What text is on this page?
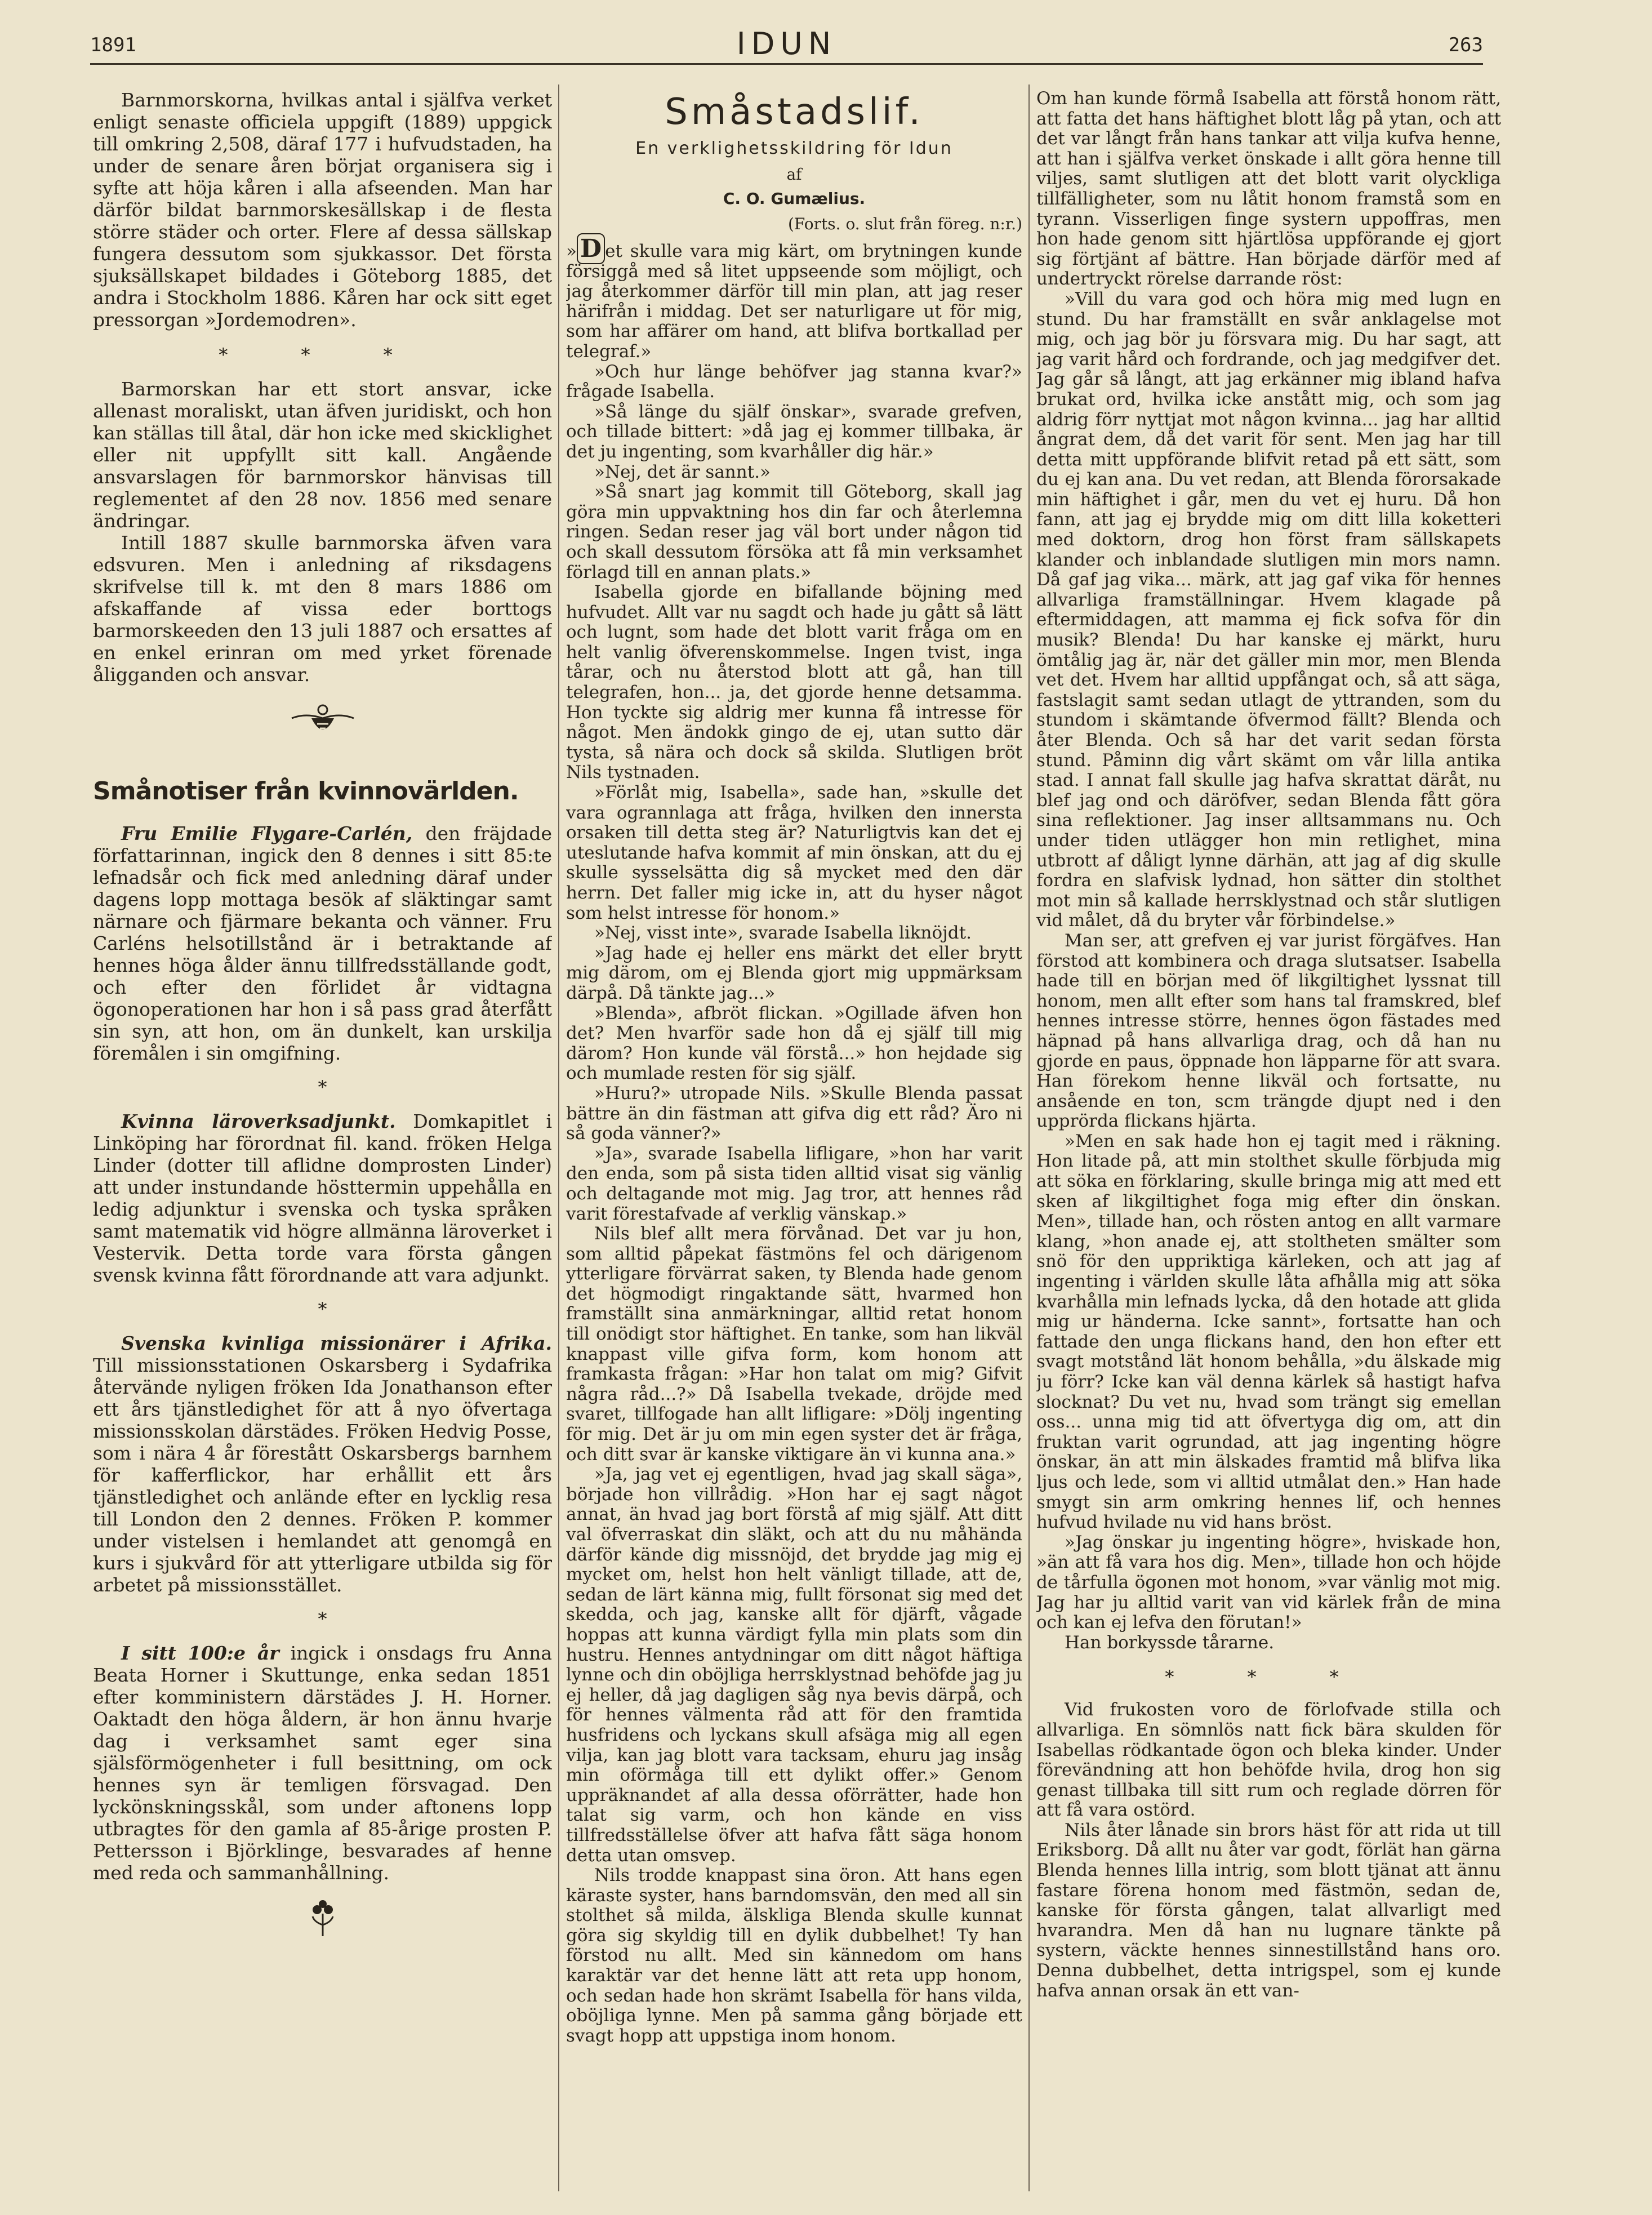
1891	IDUN	263

Barnmorskorna, hvilkas antal i själfva verket enligt senaste officiela uppgift (1889) uppgick till omkring 2,508, däraf 177 i hufvudstaden, ha under de senare åren börjat organisera sig i syfte att höja kåren i alla afseenden. Man har därför bildat barnmorskesällskap i de flesta större städer och orter. Flere af dessa sällskap fungera dessutom som sjukkassor. Det första sjuksällskapet bildades i Göteborg 1885, det andra i Stockholm 1886. Kåren har ock sitt eget pressorgan »Jordemodren».

* * *

Barmorskan har ett stort ansvar, icke allenast moraliskt, utan äfven juridiskt, och hon kan ställas till åtal, där hon icke med skicklighet eller nit uppfyllt sitt kall. Angående ansvarslagen för barnmorskor hänvisas till reglementet af den 28 nov. 1856 med senare ändringar.

Intill 1887 skulle barnmorska äfven vara edsvuren. Men i anledning af riksdagens skrifvelse till k. mt den 8 mars 1886 om afskaffande af vissa eder borttogs barmorskeeden den 13 juli 1887 och ersattes af en enkel erinran om med yrket förenade åligganden och ansvar.

Smånotiser från kvinnovärlden.

Fru Emilie Flygare-Carlén, den fräjdade författarinnan, ingick den 8 dennes i sitt 85:te lefnadsår och fick med anledning däraf under dagens lopp mottaga besök af släktingar samt närnare och fjärmare bekanta och vänner. Fru Carléns helsotillstånd är i betraktande af hennes höga ålder ännu tillfredsställande godt, och efter den förlidet år vidtagna ögonoperationen har hon i så pass grad återfått sin syn, att hon, om än dunkelt, kan urskilja föremålen i sin omgifning.

*

Kvinna läroverksadjunkt. Domkapitlet i Linköping har förordnat fil. kand. fröken Helga Linder (dotter till aflidne domprosten Linder) att under instundande hösttermin uppehålla en ledig adjunktur i svenska och tyska språken samt matematik vid högre allmänna läroverket i Vestervik. Detta torde vara första gången svensk kvinna fått förordnande att vara adjunkt.

*

Svenska kvinliga missionärer i Afrika. Till missionsstationen Oskarsberg i Sydafrika återvände nyligen fröken Ida Jonathanson efter ett års tjänstledighet för att å nyo öfvertaga missionsskolan därstädes. Fröken Hedvig Posse, som i nära 4 år förestått Oskarsbergs barnhem för kafferflickor, har erhållit ett års tjänstledighet och anlände efter en lycklig resa till London den 2 dennes. Fröken P. kommer under vistelsen i hemlandet att genomgå en kurs i sjukvård för att ytterligare utbilda sig för arbetet på missionsstället.

*

I sitt 100:e år ingick i onsdags fru Anna Beata Horner i Skuttunge, enka sedan 1851 efter komministern därstädes J. H. Horner. Oaktadt den höga åldern, är hon ännu hvarje dag i verksamhet samt eger sina själsförmögenheter i full besittning, om ock hennes syn är temligen försvagad. Den lyckönskningsskål, som under aftonens lopp utbragtes för den gamla af 85-årige prosten P. Pettersson i Björklinge, besvarades af henne med reda och sammanhållning.

Småstadslif.
En verklighetsskildring för Idun
af
C. O. Gumælius.
(Forts. o. slut från föreg. n:r.)

» D et skulle vara mig kärt, om brytningen kunde försiggå med så litet uppseende som möjligt, och jag återkommer därför till min plan, att jag reser härifrån i middag. Det ser naturligare ut för mig, som har affärer om hand, att blifva bortkallad per telegraf.»

»Och hur länge behöfver jag stanna kvar?» frågade Isabella.

»Så länge du själf önskar», svarade grefven, och tillade bittert: »då jag ej kommer tillbaka, är det ju ingenting, som kvarhåller dig här.»

»Nej, det är sannt.»

»Så snart jag kommit till Göteborg, skall jag göra min uppvaktning hos din far och återlemna ringen. Sedan reser jag väl bort under någon tid och skall dessutom försöka att få min verksamhet förlagd till en annan plats.»

Isabella gjorde en bifallande böjning med hufvudet. Allt var nu sagdt och hade ju gått så lätt och lugnt, som hade det blott varit fråga om en helt vanlig öfverenskommelse. Ingen tvist, inga tårar, och nu återstod blott att gå, han till telegrafen, hon... ja, det gjorde henne detsamma. Hon tyckte sig aldrig mer kunna få intresse för något. Men ändokk gingo de ej, utan sutto där tysta, så nära och dock så skilda. Slutligen bröt Nils tystnaden.

»Förlåt mig, Isabella», sade han, »skulle det vara ogrannlaga att fråga, hvilken den innersta orsaken till detta steg är? Naturligtvis kan det ej uteslutande hafva kommit af min önskan, att du ej skulle sysselsätta dig så mycket med den där herrn. Det faller mig icke in, att du hyser något som helst intresse för honom.»

»Nej, visst inte», svarade Isabella liknöjdt.

»Jag hade ej heller ens märkt det eller brytt mig därom, om ej Blenda gjort mig uppmärksam därpå. Då tänkte jag...»

»Blenda», afbröt flickan. »Ogillade äfven hon det? Men hvarför sade hon då ej själf till mig därom? Hon kunde väl förstå...» hon hejdade sig och mumlade resten för sig själf.

»Huru?» utropade Nils. »Skulle Blenda passat bättre än din fästman att gifva dig ett råd? Äro ni så goda vänner?»

»Ja», svarade Isabella lifligare, »hon har varit den enda, som på sista tiden alltid visat sig vänlig och deltagande mot mig. Jag tror, att hennes råd varit förestafvade af verklig vänskap.»

Nils blef allt mera förvånad. Det var ju hon, som alltid påpekat fästmöns fel och därigenom ytterligare förvärrat saken, ty Blenda hade genom det högmodigt ringaktande sätt, hvarmed hon framställt sina anmärkningar, alltid retat honom till onödigt stor häftighet. En tanke, som han likväl knappast ville gifva form, kom honom att framkasta frågan: »Har hon talat om mig? Gifvit några råd...?» Då Isabella tvekade, dröjde med svaret, tillfogade han allt lifligare: »Dölj ingenting för mig. Det är ju om min egen syster det är fråga, och ditt svar är kanske viktigare än vi kunna ana.»

»Ja, jag vet ej egentligen, hvad jag skall säga», började hon villrådig. »Hon har ej sagt något annat, än hvad jag bort förstå af mig själf. Att ditt val öfverraskat din släkt, och att du nu måhända därför kände dig missnöjd, det brydde jag mig ej mycket om, helst hon helt vänligt tillade, att de, sedan de lärt känna mig, fullt försonat sig med det skedda, och jag, kanske allt för djärft, vågade hoppas att kunna värdigt fylla min plats som din hustru. Hennes antydningar om ditt något häftiga lynne och din oböjliga herrsklystnad behöfde jag ju ej heller, då jag dagligen såg nya bevis därpå, och för hennes välmenta råd att för den framtida husfridens och lyckans skull afsäga mig all egen vilja, kan jag blott vara tacksam, ehuru jag insåg min oförmåga till ett dylikt offer.» Genom uppräknandet af alla dessa oförrätter, hade hon talat sig varm, och hon kände en viss tillfredsställelse öfver att hafva fått säga honom detta utan omsvep.

Nils trodde knappast sina öron. Att hans egen käraste syster, hans barndomsvän, den med all sin stolthet så milda, älskliga Blenda skulle kunnat göra sig skyldig till en dylik dubbelhet! Ty han förstod nu allt. Med sin kännedom om hans karaktär var det henne lätt att reta upp honom, och sedan hade hon skrämt Isabella för hans vilda, oböjliga lynne. Men på samma gång började ett svagt hopp att uppstiga inom honom.

Om han kunde förmå Isabella att förstå honom rätt, att fatta det hans häftighet blott låg på ytan, och att det var långt från hans tankar att vilja kufva henne, att han i själfva verket önskade i allt göra henne till viljes, samt slutligen att det blott varit olyckliga tillfälligheter, som nu låtit honom framstå som en tyrann. Visserligen finge systern uppoffras, men hon hade genom sitt hjärtlösa uppförande ej gjort sig förtjänt af bättre. Han började därför med af undertryckt rörelse darrande röst:

»Vill du vara god och höra mig med lugn en stund. Du har framställt en svår anklagelse mot mig, och jag bör ju försvara mig. Du har sagt, att jag varit hård och fordrande, och jag medgifver det. Jag går så långt, att jag erkänner mig ibland hafva brukat ord, hvilka icke anstått mig, och som jag aldrig förr nyttjat mot någon kvinna... jag har alltid ångrat dem, då det varit för sent. Men jag har till detta mitt uppförande blifvit retad på ett sätt, som du ej kan ana. Du vet redan, att Blenda förorsakade min häftighet i går, men du vet ej huru. Då hon fann, att jag ej brydde mig om ditt lilla koketteri med doktorn, drog hon först fram sällskapets klander och inblandade slutligen min mors namn. Då gaf jag vika... märk, att jag gaf vika för hennes allvarliga framställningar. Hvem klagade på eftermiddagen, att mamma ej fick sofva för din musik? Blenda! Du har kanske ej märkt, huru ömtålig jag är, när det gäller min mor, men Blenda vet det. Hvem har alltid uppfångat och, så att säga, fastslagit samt sedan utlagt de yttranden, som du stundom i skämtande öfvermod fällt? Blenda och åter Blenda. Och så har det varit sedan första stund. Påminn dig vårt skämt om vår lilla antika stad. I annat fall skulle jag hafva skrattat däråt, nu blef jag ond och däröfver, sedan Blenda fått göra sina reflektioner. Jag inser alltsammans nu. Och under tiden utlägger hon min retlighet, mina utbrott af dåligt lynne därhän, att jag af dig skulle fordra en slafvisk lydnad, hon sätter din stolthet mot min så kallade herrsklystnad och står slutligen vid målet, då du bryter vår förbindelse.»

Man ser, att grefven ej var jurist förgäfves. Han förstod att kombinera och draga slutsatser. Isabella hade till en början med öf likgiltighet lyssnat till honom, men allt efter som hans tal framskred, blef hennes intresse större, hennes ögon fästades med häpnad på hans allvarliga drag, och då han nu gjorde en paus, öppnade hon läpparne för att svara. Han förekom henne likväl och fortsatte, nu ansående en ton, scm trängde djupt ned i den upprörda flickans hjärta.

»Men en sak hade hon ej tagit med i räkning. Hon litade på, att min stolthet skulle förbjuda mig att söka en förklaring, skulle bringa mig att med ett sken af likgiltighet foga mig efter din önskan. Men», tillade han, och rösten antog en allt varmare klang, »hon anade ej, att stoltheten smälter som snö för den uppriktiga kärleken, och att jag af ingenting i världen skulle låta afhålla mig att söka kvarhålla min lefnads lycka, då den hotade att glida mig ur händerna. Icke sannt», fortsatte han och fattade den unga flickans hand, den hon efter ett svagt motstånd lät honom behålla, »du älskade mig ju förr? Icke kan väl denna kärlek så hastigt hafva slocknat? Du vet nu, hvad som trängt sig emellan oss... unna mig tid att öfvertyga dig om, att din fruktan varit ogrundad, att jag ingenting högre önskar, än att min älskades framtid må blifva lika ljus och lede, som vi alltid utmålat den.» Han hade smygt sin arm omkring hennes lif, och hennes hufvud hvilade nu vid hans bröst.

»Jag önskar ju ingenting högre», hviskade hon, »än att få vara hos dig. Men», tillade hon och höjde de tårfulla ögonen mot honom, »var vänlig mot mig. Jag har ju alltid varit van vid kärlek från de mina och kan ej lefva den förutan!»

Han borkyssde tårarne.

* * *

Vid frukosten voro de förlofvade stilla och allvarliga. En sömnlös natt fick bära skulden för Isabellas rödkantade ögon och bleka kinder. Under förevändning att hon behöfde hvila, drog hon sig genast tillbaka till sitt rum och reglade dörren för att få vara ostörd.

Nils åter lånade sin brors häst för att rida ut till Eriksborg. Då allt nu åter var godt, förlät han gärna Blenda hennes lilla intrig, som blott tjänat att ännu fastare förena honom med fästmön, sedan de, kanske för första gången, talat allvarligt med hvarandra. Men då han nu lugnare tänkte på systern, väckte hennes sinnestillstånd hans oro. Denna dubbelhet, detta intrigspel, som ej kunde hafva annan orsak än ett van-
